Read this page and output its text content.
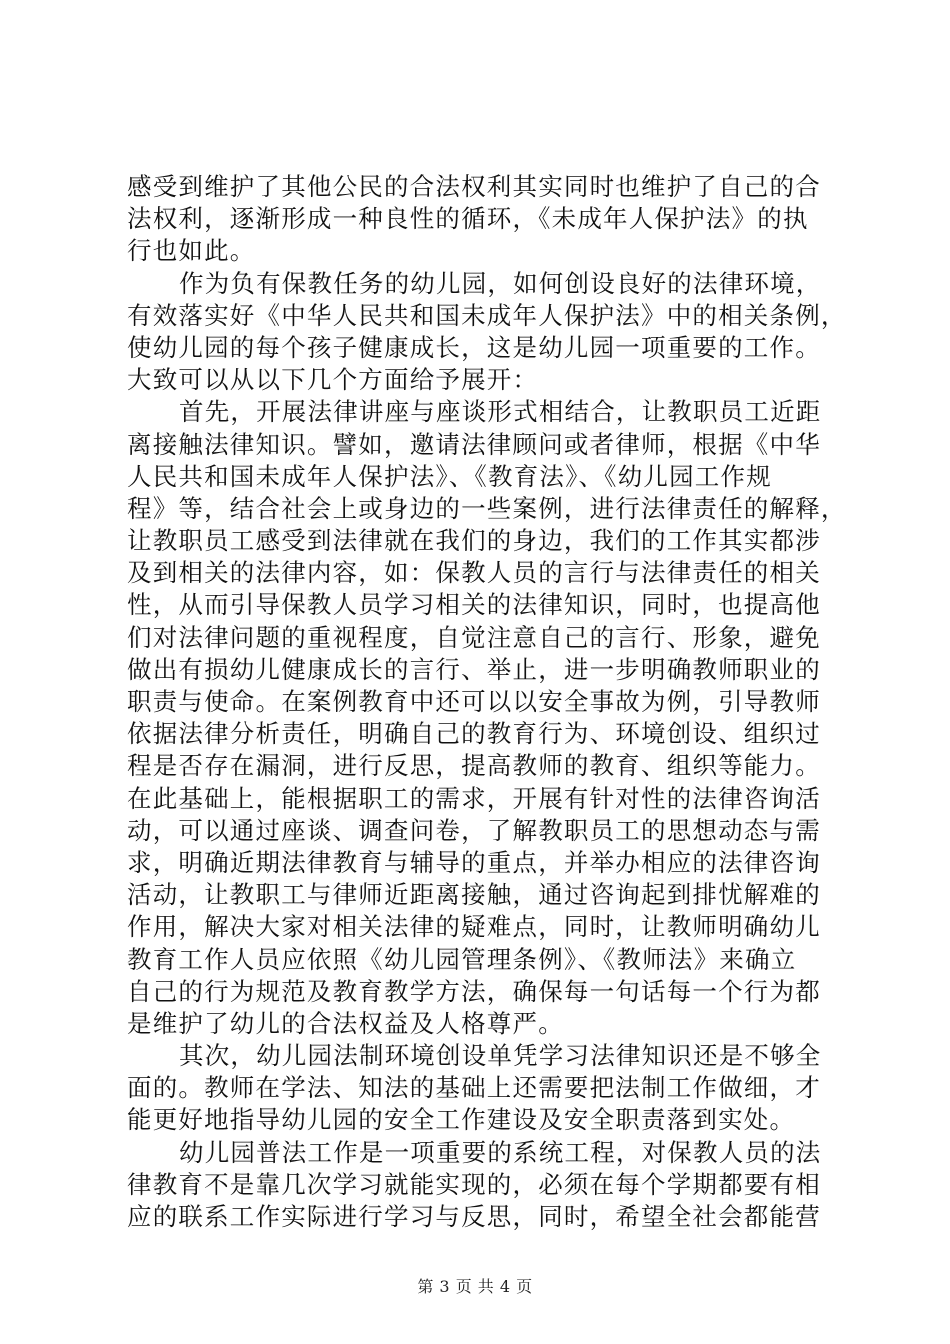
感受到维护了其他公民的合法权利其实同时也维护了自己的合
法权利，逐渐形成一种良性的循环，《未成年人保护法》的执
行也如此。
作为负有保教任务的幼儿园，如何创设良好的法律环境，
有效落实好《中华人民共和国未成年人保护法》中的相关条例，
使幼儿园的每个孩子健康成长，这是幼儿园一项重要的工作。
大致可以从以下几个方面给予展开：
首先，开展法律讲座与座谈形式相结合，让教职员工近距
离接触法律知识。譬如，邀请法律顾问或者律师，根据《中华
人民共和国未成年人保护法》、《教育法》、《幼儿园工作规
程》等，结合社会上或身边的一些案例，进行法律责任的解释，
让教职员工感受到法律就在我们的身边，我们的工作其实都涉
及到相关的法律内容，如：保教人员的言行与法律责任的相关
性，从而引导保教人员学习相关的法律知识，同时，也提高他
们对法律问题的重视程度，自觉注意自己的言行、形象，避免
做出有损幼儿健康成长的言行、举止，进一步明确教师职业的
职责与使命。在案例教育中还可以以安全事故为例，引导教师
依据法律分析责任，明确自己的教育行为、环境创设、组织过
程是否存在漏洞，进行反思，提高教师的教育、组织等能力。
在此基础上，能根据职工的需求，开展有针对性的法律咨询活
动，可以通过座谈、调查问卷，了解教职员工的思想动态与需
求，明确近期法律教育与辅导的重点，并举办相应的法律咨询
活动，让教职工与律师近距离接触，通过咨询起到排忧解难的
作用，解决大家对相关法律的疑难点，同时，让教师明确幼儿
教育工作人员应依照《幼儿园管理条例》、《教师法》来确立
自己的行为规范及教育教学方法，确保每一句话每一个行为都
是维护了幼儿的合法权益及人格尊严。
其次，幼儿园法制环境创设单凭学习法律知识还是不够全
面的。教师在学法、知法的基础上还需要把法制工作做细，才
能更好地指导幼儿园的安全工作建设及安全职责落到实处。
幼儿园普法工作是一项重要的系统工程，对保教人员的法
律教育不是靠几次学习就能实现的，必须在每个学期都要有相
应的联系工作实际进行学习与反思，同时，希望全社会都能营
第 3 页 共 4 页
